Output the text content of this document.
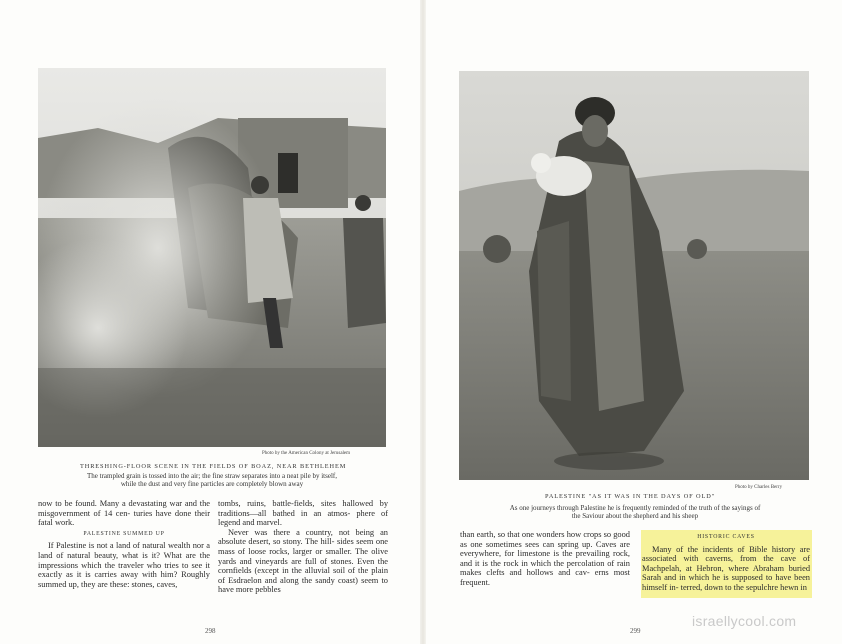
Photo by the American Colony at Jerusalem
THRESHING-FLOOR SCENE IN THE FIELDS OF BOAZ, NEAR BETHLEHEM
The trampled grain is tossed into the air; the fine straw separates into a neat pile by itself,
while the dust and very fine particles are completely blown away

now to be found. Many a devastating war and the misgovernment of 14 cen- turies have done their fatal work.

PALESTINE SUMMED UP

If Palestine is not a land of natural wealth nor a land of natural beauty, what is it? What are the impressions which the traveler who tries to see it exactly as it is carries away with him? Roughly summed up, they are these: stones, caves,

tombs, ruins, battle-fields, sites hallowed by traditions—all bathed in an atmos- phere of legend and marvel.

Never was there a country, not being an absolute desert, so stony. The hill- sides seem one mass of loose rocks, larger or smaller. The olive yards and vineyards are full of stones. Even the cornfields (except in the alluvial soil of the plain of Esdraelon and along the sandy coast) seem to have more pebbles

298
Photo by Charles Berry
PALESTINE "AS IT WAS IN THE DAYS OF OLD"
As one journeys through Palestine he is frequently reminded of the truth of the sayings of
the Saviour about the shepherd and his sheep

than earth, so that one wonders how crops so good as one sometimes sees can spring up. Caves are everywhere, for limestone is the prevailing rock, and it is the rock in which the percolation of rain makes clefts and hollows and cav- erns most frequent.

HISTORIC CAVES

Many of the incidents of Bible history are associated with caverns, from the cave of Machpelah, at Hebron, where Abraham buried Sarah and in which he is supposed to have been himself in- terred, down to the sepulchre hewn in

299
israellycool.com
